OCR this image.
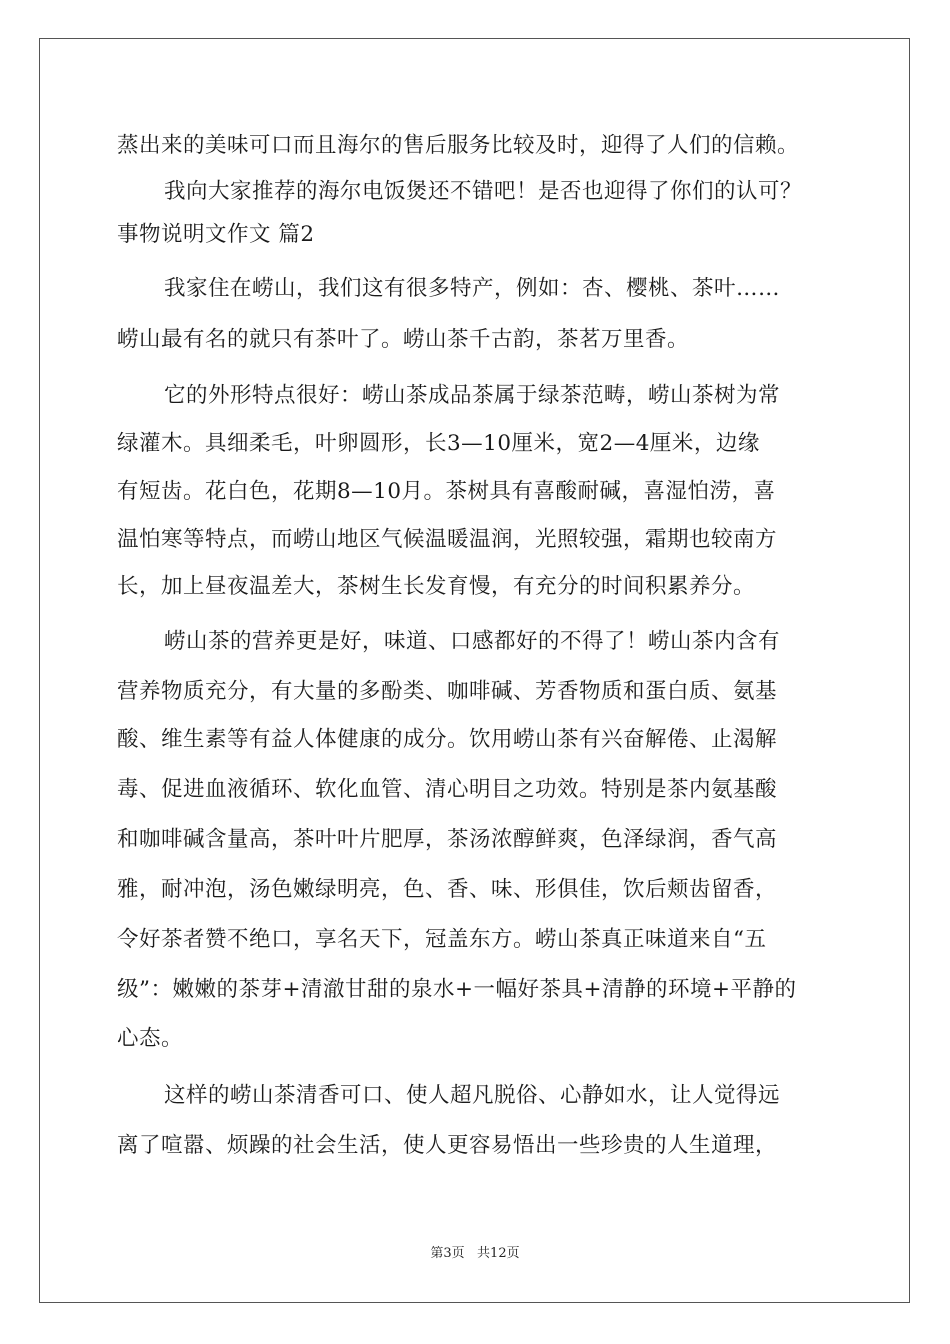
蒸出来的美味可口而且海尔的售后服务比较及时，迎得了人们的信赖。
我向大家推荐的海尔电饭煲还不错吧！是否也迎得了你们的认可？
事物说明文作文 篇2
我家住在崂山，我们这有很多特产，例如：杏、樱桃、茶叶……
崂山最有名的就只有茶叶了。崂山茶千古韵，茶茗万里香。
它的外形特点很好：崂山茶成品茶属于绿茶范畴，崂山茶树为常
绿灌木。具细柔毛，叶卵圆形，长3—10厘米，宽2—4厘米，边缘
有短齿。花白色，花期8—10月。茶树具有喜酸耐碱，喜湿怕涝，喜
温怕寒等特点，而崂山地区气候温暖温润，光照较强，霜期也较南方
长，加上昼夜温差大，茶树生长发育慢，有充分的时间积累养分。
崂山茶的营养更是好，味道、口感都好的不得了！崂山茶内含有
营养物质充分，有大量的多酚类、咖啡碱、芳香物质和蛋白质、氨基
酸、维生素等有益人体健康的成分。饮用崂山茶有兴奋解倦、止渴解
毒、促进血液循环、软化血管、清心明目之功效。特别是茶内氨基酸
和咖啡碱含量高，茶叶叶片肥厚，茶汤浓醇鲜爽，色泽绿润，香气高
雅，耐冲泡，汤色嫩绿明亮，色、香、味、形俱佳，饮后颊齿留香，
令好茶者赞不绝口，享名天下，冠盖东方。崂山茶真正味道来自“五
级”：嫩嫩的茶芽+清澈甘甜的泉水+一幅好茶具+清静的环境+平静的
心态。
这样的崂山茶清香可口、使人超凡脱俗、心静如水，让人觉得远
离了喧嚣、烦躁的社会生活，使人更容易悟出一些珍贵的人生道理，
第3页   共12页
